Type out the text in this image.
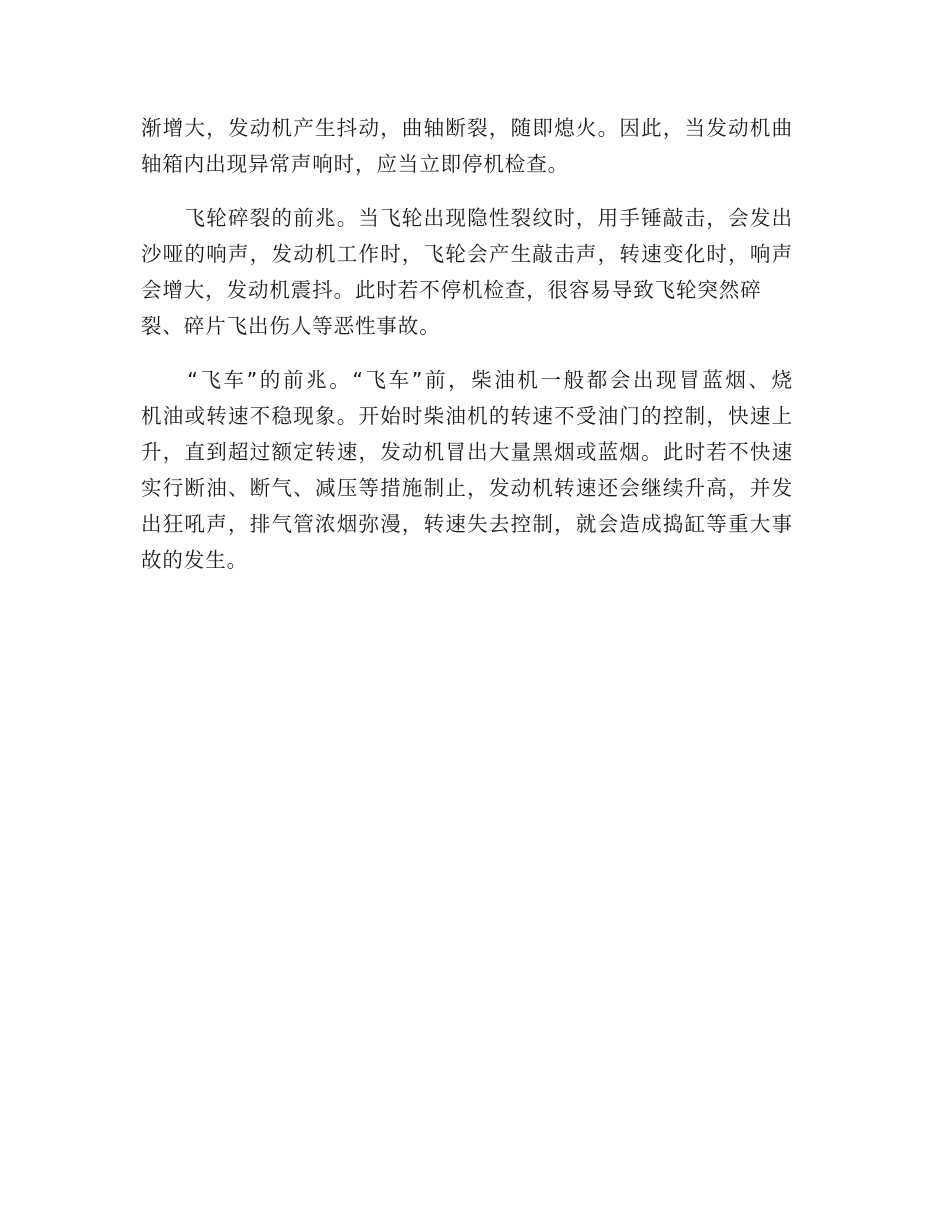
渐增大，发动机产生抖动，曲轴断裂，随即熄火。因此，当发动机曲
轴箱内出现异常声响时，应当立即停机检查。

　　飞轮碎裂的前兆。当飞轮出现隐性裂纹时，用手锤敲击，会发出
沙哑的响声，发动机工作时，飞轮会产生敲击声，转速变化时，响声
会增大，发动机震抖。此时若不停机检查，很容易导致飞轮突然碎
裂、碎片飞出伤人等恶性事故。

　　“飞车”的前兆。“飞车”前，柴油机一般都会出现冒蓝烟、烧
机油或转速不稳现象。开始时柴油机的转速不受油门的控制，快速上
升，直到超过额定转速，发动机冒出大量黑烟或蓝烟。此时若不快速
实行断油、断气、减压等措施制止，发动机转速还会继续升高，并发
出狂吼声，排气管浓烟弥漫，转速失去控制，就会造成捣缸等重大事
故的发生。
